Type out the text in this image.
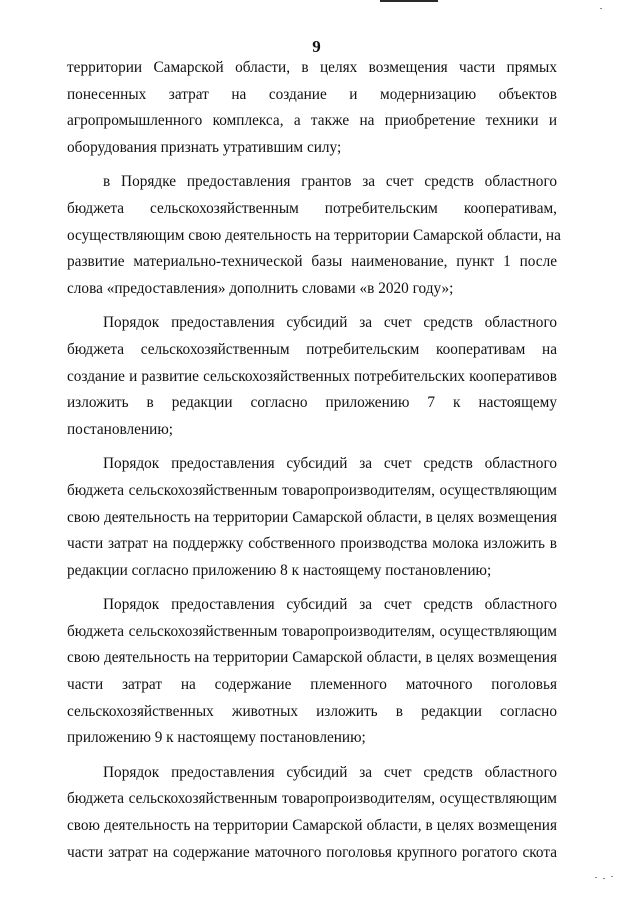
9

территории Самарской области, в целях возмещения части прямых
понесенных затрат на создание и модернизацию объектов
агропромышленного комплекса, а также на приобретение техники и
оборудования признать утратившим силу;

в Порядке предоставления грантов за счет средств областного
бюджета сельскохозяйственным потребительским кооперативам,
осуществляющим свою деятельность на территории Самарской области, на
развитие материально-технической базы наименование, пункт 1 после
слова «предоставления» дополнить словами «в 2020 году»;

Порядок предоставления субсидий за счет средств областного
бюджета сельскохозяйственным потребительским кооперативам на
создание и развитие сельскохозяйственных потребительских кооперативов
изложить в редакции согласно приложению 7 к настоящему
постановлению;

Порядок предоставления субсидий за счет средств областного
бюджета сельскохозяйственным товаропроизводителям, осуществляющим
свою деятельность на территории Самарской области, в целях возмещения
части затрат на поддержку собственного производства молока изложить в
редакции согласно приложению 8 к настоящему постановлению;

Порядок предоставления субсидий за счет средств областного
бюджета сельскохозяйственным товаропроизводителям, осуществляющим
свою деятельность на территории Самарской области, в целях возмещения
части затрат на содержание племенного маточного поголовья
сельскохозяйственных животных изложить в редакции согласно
приложению 9 к настоящему постановлению;

Порядок предоставления субсидий за счет средств областного
бюджета сельскохозяйственным товаропроизводителям, осуществляющим
свою деятельность на территории Самарской области, в целях возмещения
части затрат на содержание маточного поголовья крупного рогатого скота
